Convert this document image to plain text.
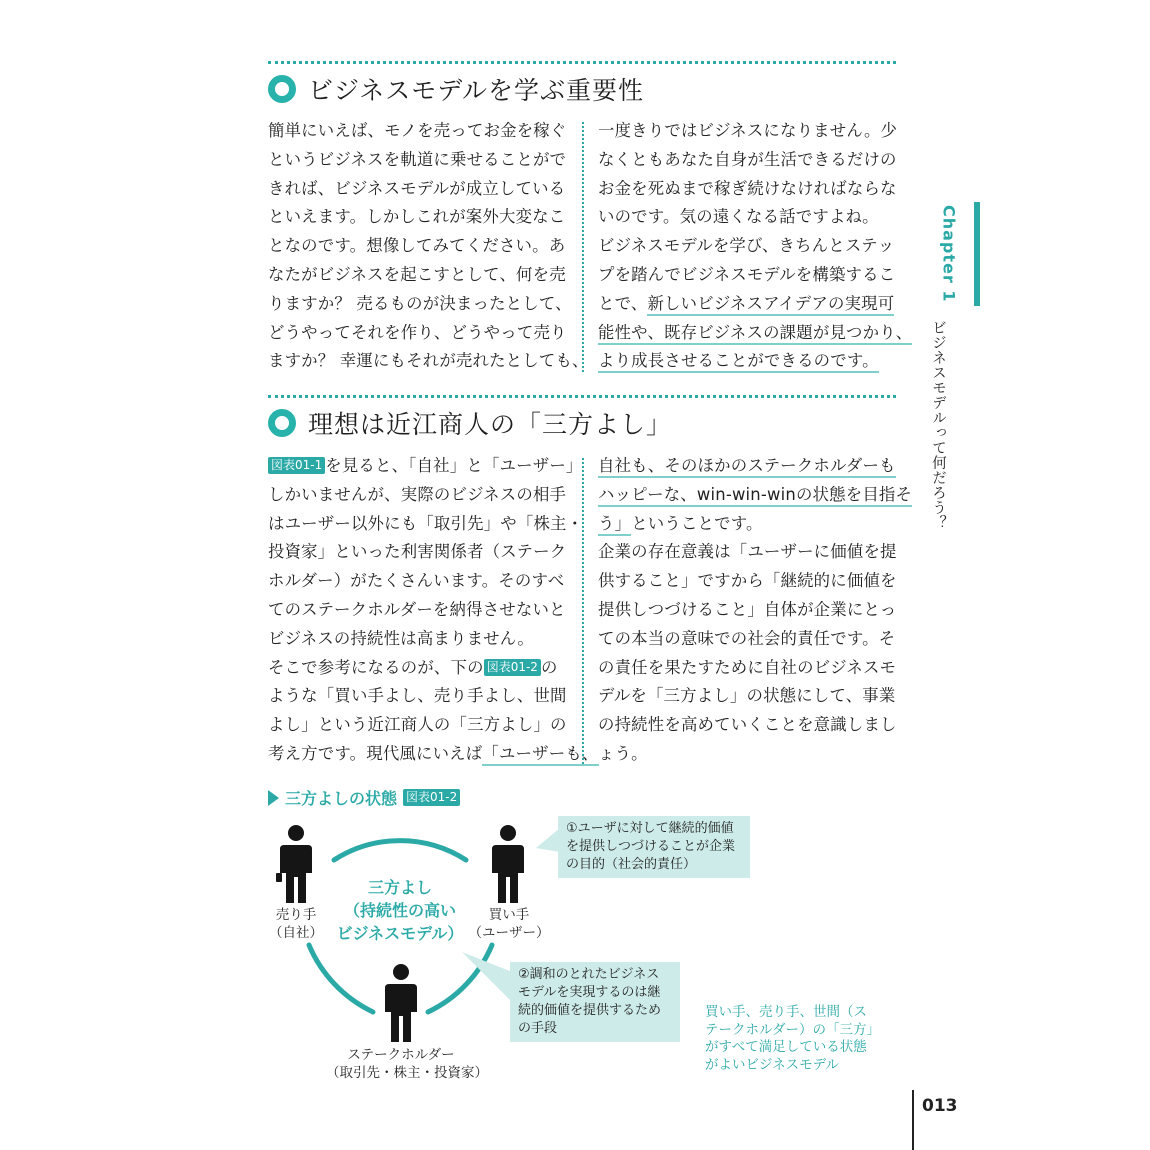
ビジネスモデルを学ぶ重要性

簡単にいえば、モノを売ってお金を稼ぐ

というビジネスを軌道に乗せることがで

きれば、ビジネスモデルが成立している

といえます。しかしこれが案外大変なこ

となのです。想像してみてください。あ

なたがビジネスを起こすとして、何を売

りますか？ 売るものが決まったとして、

どうやってそれを作り、どうやって売り

ますか？ 幸運にもそれが売れたとしても、

一度きりではビジネスになりません。少

なくともあなた自身が生活できるだけの

お金を死ぬまで稼ぎ続けなければならな

いのです。気の遠くなる話ですよね。

ビジネスモデルを学び、きちんとステッ

プを踏んでビジネスモデルを構築するこ

とで、新しいビジネスアイデアの実現可

能性や、既存ビジネスの課題が見つかり、

より成長させることができるのです。

理想は近江商人の「三方よし」

図表01-1 を見ると、「自社」と「ユーザー」

しかいませんが、実際のビジネスの相手

はユーザー以外にも「取引先」や「株主・

投資家」といった利害関係者（ステーク

ホルダー）がたくさんいます。そのすべ

てのステークホルダーを納得させないと

ビジネスの持続性は高まりません。

そこで参考になるのが、下の 図表01-2 の

ような「買い手よし、売り手よし、世間

よし」という近江商人の「三方よし」の

考え方です。現代風にいえば「ユーザーも、

自社も、そのほかのステークホルダーも

ハッピーな、win-win-winの状態を目指そ

う」ということです。

企業の存在意義は「ユーザーに価値を提

供すること」ですから「継続的に価値を

提供しつづけること」自体が企業にとっ

ての本当の意味での社会的責任です。そ

の責任を果たすために自社のビジネスモ

デルを「三方よし」の状態にして、事業

の持続性を高めていくことを意識しまし

ょう。

Chapter 1
ビジネスモデルって何だろう？
三方よしの状態 図表01-2
売り手
（自社）
買い手
（ユーザー）
ステークホルダー
（取引先・株主・投資家）
三方よし
（持続性の高い
ビジネスモデル）
①ユーザに対して継続的価値
を提供しつづけることが企業
の目的（社会的責任）
②調和のとれたビジネス
モデルを実現するのは継
続的価値を提供するため
の手段
買い手、売り手、世間（ス
テークホルダー）の「三方」
がすべて満足している状態
がよいビジネスモデル
013
